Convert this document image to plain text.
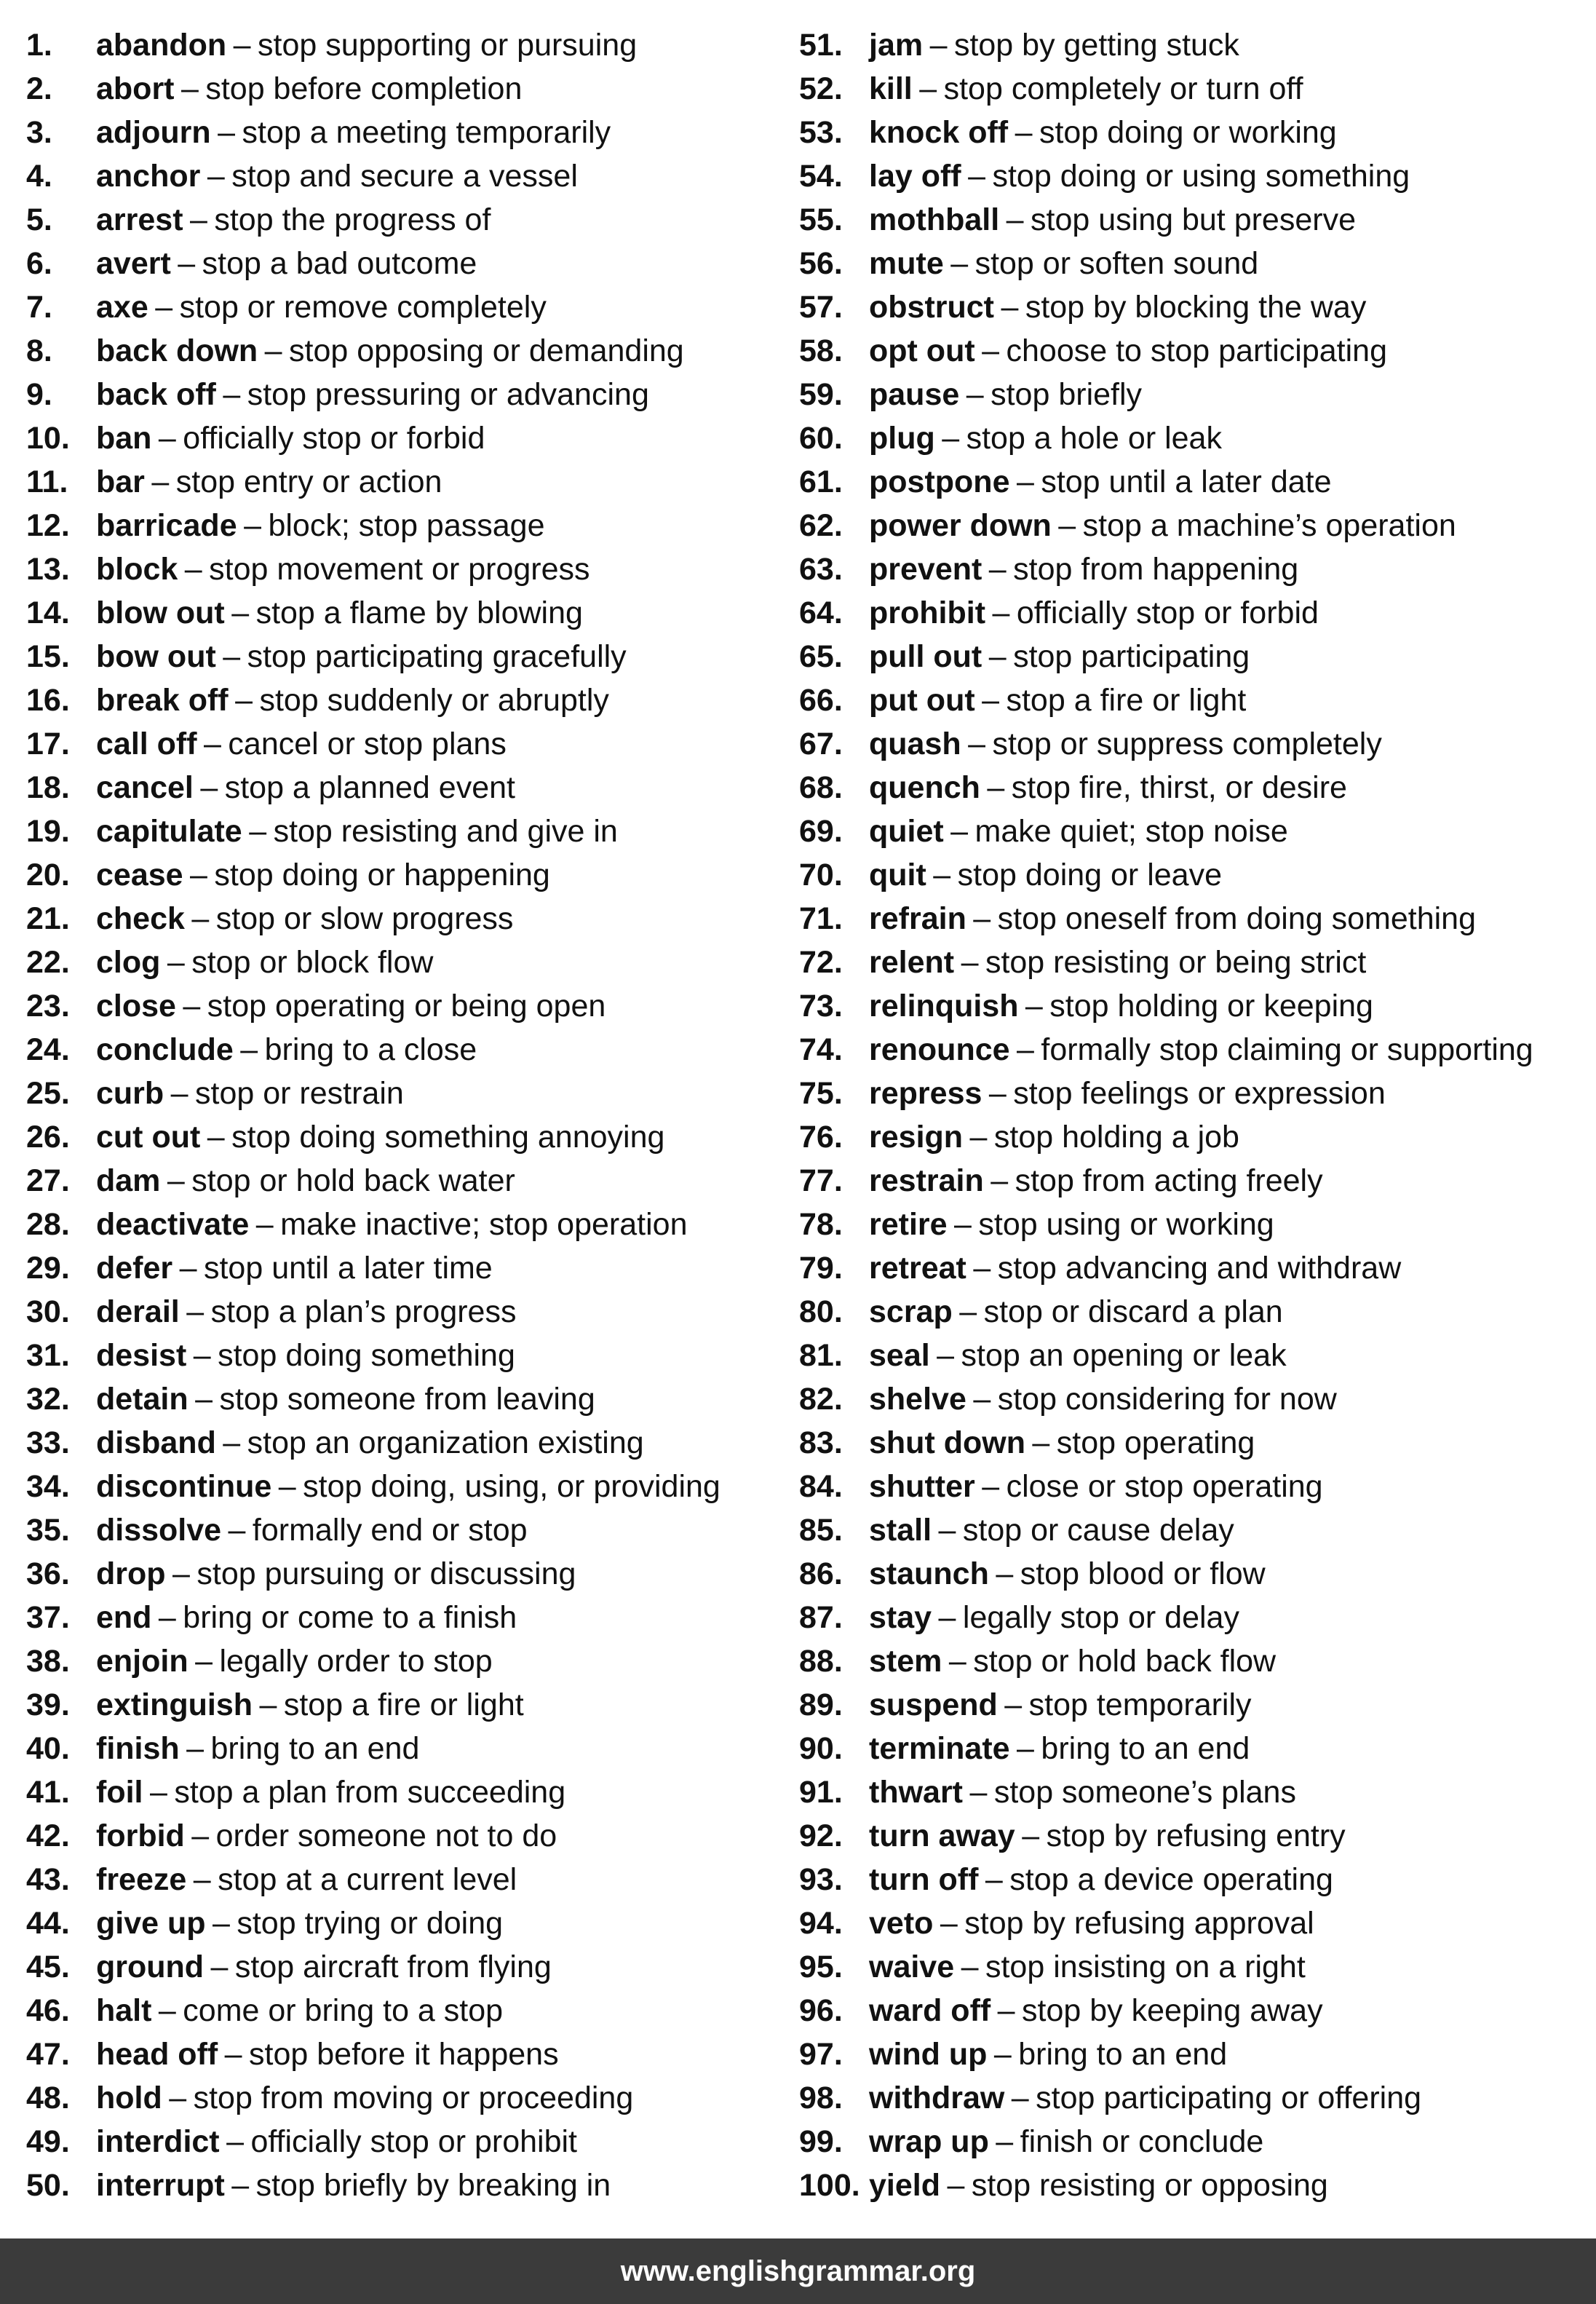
1.	abandon – stop supporting or pursuing
2.	abort – stop before completion
3.	adjourn – stop a meeting temporarily
4.	anchor – stop and secure a vessel
5.	arrest – stop the progress of
6.	avert – stop a bad outcome
7.	axe – stop or remove completely
8.	back down – stop opposing or demanding
9.	back off – stop pressuring or advancing
10. ban – officially stop or forbid
11. bar – stop entry or action
12. barricade – block; stop passage
13. block – stop movement or progress
14. blow out – stop a flame by blowing
15. bow out – stop participating gracefully
16. break off – stop suddenly or abruptly
17. call off – cancel or stop plans
18. cancel – stop a planned event
19. capitulate – stop resisting and give in
20. cease – stop doing or happening
21. check – stop or slow progress
22. clog – stop or block flow
23. close – stop operating or being open
24. conclude – bring to a close
25. curb – stop or restrain
26. cut out – stop doing something annoying
27. dam – stop or hold back water
28. deactivate – make inactive; stop operation
29. defer – stop until a later time
30. derail – stop a plan’s progress
31. desist – stop doing something
32. detain – stop someone from leaving
33. disband – stop an organization existing
34. discontinue – stop doing, using, or providing
35. dissolve – formally end or stop
36. drop – stop pursuing or discussing
37. end – bring or come to a finish
38. enjoin – legally order to stop
39. extinguish – stop a fire or light
40. finish – bring to an end
41. foil – stop a plan from succeeding
42. forbid – order someone not to do
43. freeze – stop at a current level
44. give up – stop trying or doing
45. ground – stop aircraft from flying
46. halt – come or bring to a stop
47. head off – stop before it happens
48. hold – stop from moving or proceeding
49. interdict – officially stop or prohibit
50. interrupt – stop briefly by breaking in
51. jam – stop by getting stuck
52. kill – stop completely or turn off
53. knock off – stop doing or working
54. lay off – stop doing or using something
55. mothball – stop using but preserve
56. mute – stop or soften sound
57. obstruct – stop by blocking the way
58. opt out – choose to stop participating
59. pause – stop briefly
60. plug – stop a hole or leak
61. postpone – stop until a later date
62. power down – stop a machine’s operation
63. prevent – stop from happening
64. prohibit – officially stop or forbid
65. pull out – stop participating
66. put out – stop a fire or light
67. quash – stop or suppress completely
68. quench – stop fire, thirst, or desire
69. quiet – make quiet; stop noise
70. quit – stop doing or leave
71. refrain – stop oneself from doing something
72. relent – stop resisting or being strict
73. relinquish – stop holding or keeping
74. renounce – formally stop claiming or supporting
75. repress – stop feelings or expression
76. resign – stop holding a job
77. restrain – stop from acting freely
78. retire – stop using or working
79. retreat – stop advancing and withdraw
80. scrap – stop or discard a plan
81. seal – stop an opening or leak
82. shelve – stop considering for now
83. shut down – stop operating
84. shutter – close or stop operating
85. stall – stop or cause delay
86. staunch – stop blood or flow
87. stay – legally stop or delay
88. stem – stop or hold back flow
89. suspend – stop temporarily
90. terminate – bring to an end
91. thwart – stop someone’s plans
92. turn away – stop by refusing entry
93. turn off – stop a device operating
94. veto – stop by refusing approval
95. waive – stop insisting on a right
96. ward off – stop by keeping away
97. wind up – bring to an end
98. withdraw – stop participating or offering
99. wrap up – finish or conclude
100. yield – stop resisting or opposing
www.englishgrammar.org
